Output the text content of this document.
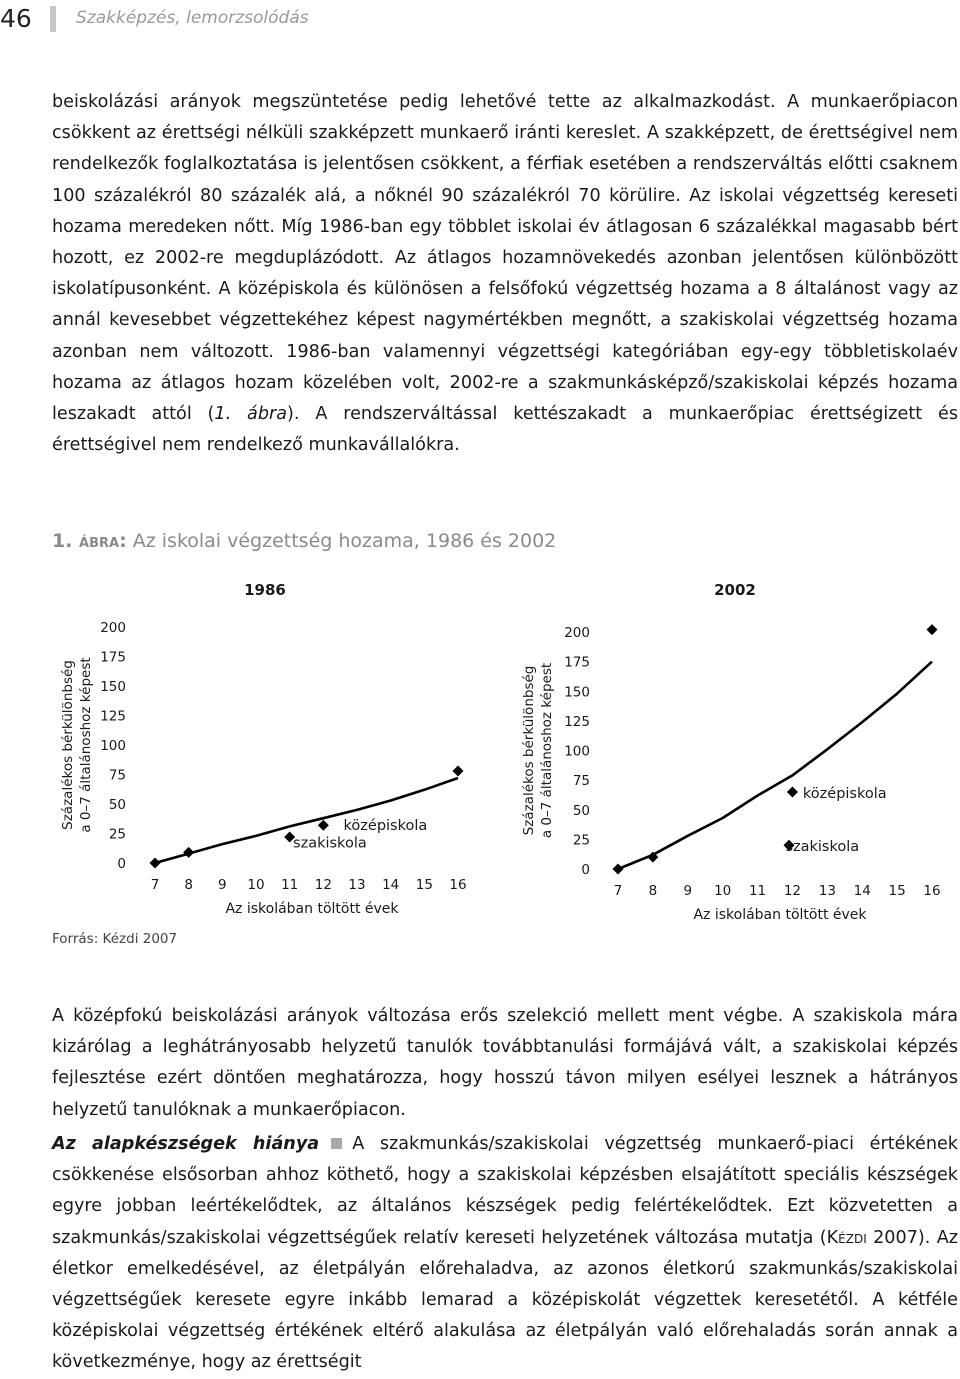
46	Szakképzés, lemorzsolódás

beiskolázási arányok megszüntetése pedig lehetővé tette az alkalmazkodást. A munkaerőpiacon csökkent az érettségi nélküli szakképzett munkaerő iránti kereslet. A szakképzett, de érettségivel nem rendelkezők foglalkoztatása is jelentősen csökkent, a férfiak esetében a rendszerváltás előtti csaknem 100 százalékról 80 százalék alá, a nőknél 90 százalékról 70 körülire. Az iskolai végzettség kereseti hozama meredeken nőtt. Míg 1986-ban egy többlet iskolai év átlagosan 6 százalékkal magasabb bért hozott, ez 2002-re megduplázódott. Az átlagos hozamnövekedés azonban jelentősen különbözött iskolatípusonként. A középiskola és különösen a felsőfokú végzettség hozama a 8 általánost vagy az annál kevesebbet végzettekéhez képest nagymértékben megnőtt, a szakiskolai végzettség hozama azonban nem változott. 1986-ban valamennyi végzettségi kategóriában egy-egy többletiskolaév hozama az átlagos hozam közelében volt, 2002-re a szakmunkásképző/szakiskolai képzés hozama leszakadt attól (1. ábra). A rendszerváltással kettészakadt a munkaerőpiac érettségizett és érettségivel nem rendelkező munkavállalókra.

1. ábra: Az iskolai végzettség hozama, 1986 és 2002
1986
Százalékos bérkülönbség a 0–7 általánoshoz képest
0
25
50
75
100
125
150
175
200
7 8 9 10 11 12 13 14 15 16
Az iskolában töltött évek
középiskola
szakiskola
2002
Százalékos bérkülönbség a 0–7 általánoshoz képest
0
25
50
75
100
125
150
175
200
7 8 9 10 11 12 13 14 15 16
Az iskolában töltött évek
középiskola
szakiskola
Forrás: Kézdi 2007

A középfokú beiskolázási arányok változása erős szelekció mellett ment végbe. A szakiskola mára kizárólag a leghátrányosabb helyzetű tanulók továbbtanulási formájává vált, a szakiskolai képzés fejlesztése ezért döntően meghatározza, hogy hosszú távon milyen esélyei lesznek a hátrányos helyzetű tanulóknak a munkaerőpiacon.

Az alapkészségek hiánya A szakmunkás/szakiskolai végzettség munkaerő-piaci értékének csökkenése elsősorban ahhoz köthető, hogy a szakiskolai képzésben elsajátított speciális készségek egyre jobban leértékelődtek, az általános készségek pedig felértékelődtek. Ezt közvetetten a szakmunkás/szakiskolai végzettségűek relatív kereseti helyzetének változása mutatja (Kézdi 2007). Az életkor emelkedésével, az életpályán előrehaladva, az azonos életkorú szakmunkás/szakiskolai végzettségűek keresete egyre inkább lemarad a középiskolát végzettek keresetétől. A kétféle középiskolai végzettség értékének eltérő alakulása az életpályán való előrehaladás során annak a következménye, hogy az érettségit
